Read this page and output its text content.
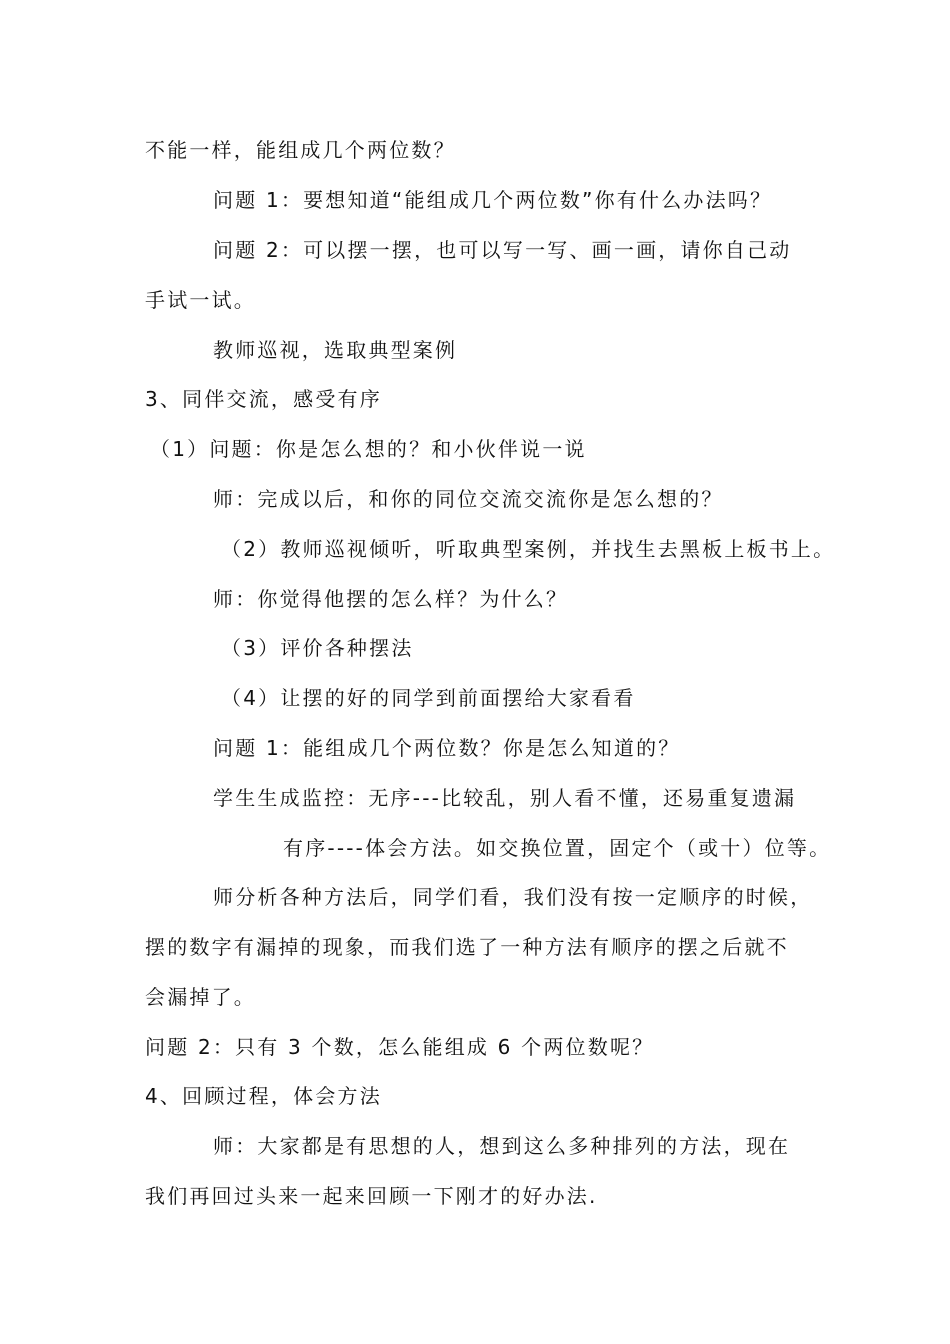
不能一样，能组成几个两位数？
问题 1：要想知道“能组成几个两位数”你有什么办法吗？
问题 2：可以摆一摆，也可以写一写、画一画，请你自己动
手试一试。
教师巡视，选取典型案例
3、同伴交流，感受有序
（1）问题：你是怎么想的？和小伙伴说一说
师：完成以后，和你的同位交流交流你是怎么想的？
（2）教师巡视倾听，听取典型案例，并找生去黑板上板书上。
师：你觉得他摆的怎么样？为什么？
（3）评价各种摆法
（4）让摆的好的同学到前面摆给大家看看
问题 1：能组成几个两位数？你是怎么知道的？
学生生成监控：无序---比较乱，别人看不懂，还易重复遗漏
有序----体会方法。如交换位置，固定个（或十）位等。
师分析各种方法后，同学们看，我们没有按一定顺序的时候，
摆的数字有漏掉的现象，而我们选了一种方法有顺序的摆之后就不
会漏掉了。
问题 2：只有 3 个数，怎么能组成 6 个两位数呢？
4、回顾过程，体会方法
师：大家都是有思想的人，想到这么多种排列的方法，现在
我们再回过头来一起来回顾一下刚才的好办法.
